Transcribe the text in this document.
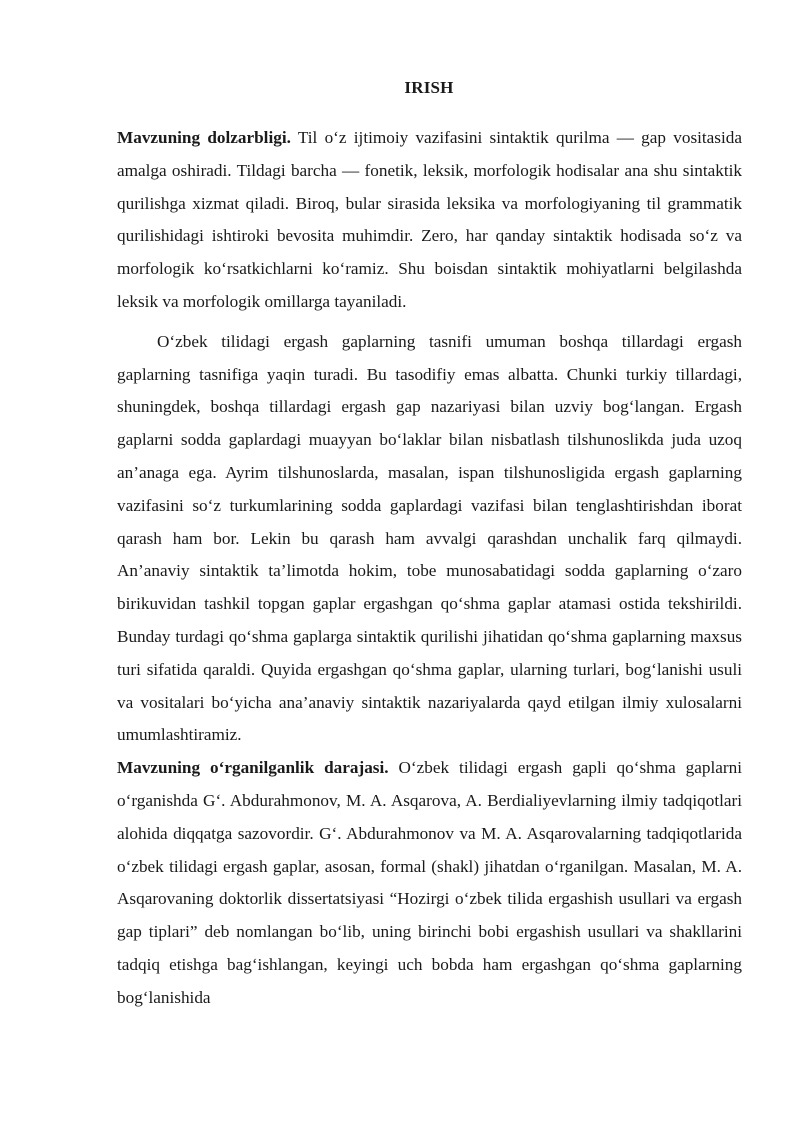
IRISH

Mavzuning dolzarbligi. Til o‘z ijtimoiy vazifasini sintaktik qurilma — gap vositasida amalga oshiradi. Tildagi barcha — fonetik, leksik, morfologik hodisalar ana shu sintaktik qurilishga xizmat qiladi. Biroq, bular sirasida leksika va morfologiyaning til grammatik qurilishidagi ishtiroki bevosita muhimdir. Zero, har qanday sintaktik hodisada so‘z va morfologik ko‘rsatkichlarni ko‘ramiz. Shu boisdan sintaktik mohiyatlarni belgilashda leksik va morfologik omillarga tayaniladi.

O‘zbek tilidagi ergash gaplarning tasnifi umuman boshqa tillardagi ergash gaplarning tasnifiga yaqin turadi. Bu tasodifiy emas albatta. Chunki turkiy tillardagi, shuningdek, boshqa tillardagi ergash gap nazariyasi bilan uzviy bog‘langan. Ergash gaplarni sodda gaplardagi muayyan bo‘laklar bilan nisbatlash tilshunoslikda juda uzoq an’anaga ega. Ayrim tilshunoslarda, masalan, ispan tilshunosligida ergash gaplarning vazifasini so‘z turkumlarining sodda gaplardagi vazifasi bilan tenglashtirishdan iborat qarash ham bor. Lekin bu qarash ham avvalgi qarashdan unchalik farq qilmaydi. An’anaviy sintaktik ta’limotda hokim, tobe munosabatidagi sodda gaplarning o‘zaro birikuvidan tashkil topgan gaplar ergashgan qo‘shma gaplar atamasi ostida tekshirildi. Bunday turdagi qo‘shma gaplarga sintaktik qurilishi jihatidan qo‘shma gaplarning maxsus turi sifatida qaraldi. Quyida ergashgan qo‘shma gaplar, ularning turlari, bog‘lanishi usuli va vositalari bo‘yicha ana’anaviy sintaktik nazariyalarda qayd etilgan ilmiy xulosalarni umumlashtiramiz.

Mavzuning o‘rganilganlik darajasi. O‘zbek tilidagi ergash gapli qo‘shma gaplarni o‘rganishda G‘. Abdurahmonov, M. A. Asqarova, A. Berdialiyevlarning ilmiy tadqiqotlari alohida diqqatga sazovordir. G‘. Abdurahmonov va M. A. Asqarovalarning tadqiqotlarida o‘zbek tilidagi ergash gaplar, asosan, formal (shakl) jihatdan o‘rganilgan. Masalan, M. A. Asqarovaning doktorlik dissertatsiyasi “Hozirgi o‘zbek tilida ergashish usullari va ergash gap tiplari” deb nomlangan bo‘lib, uning birinchi bobi ergashish usullari va shakllarini tadqiq etishga bag‘ishlangan, keyingi uch bobda ham ergashgan qo‘shma gaplarning bog‘lanishida
